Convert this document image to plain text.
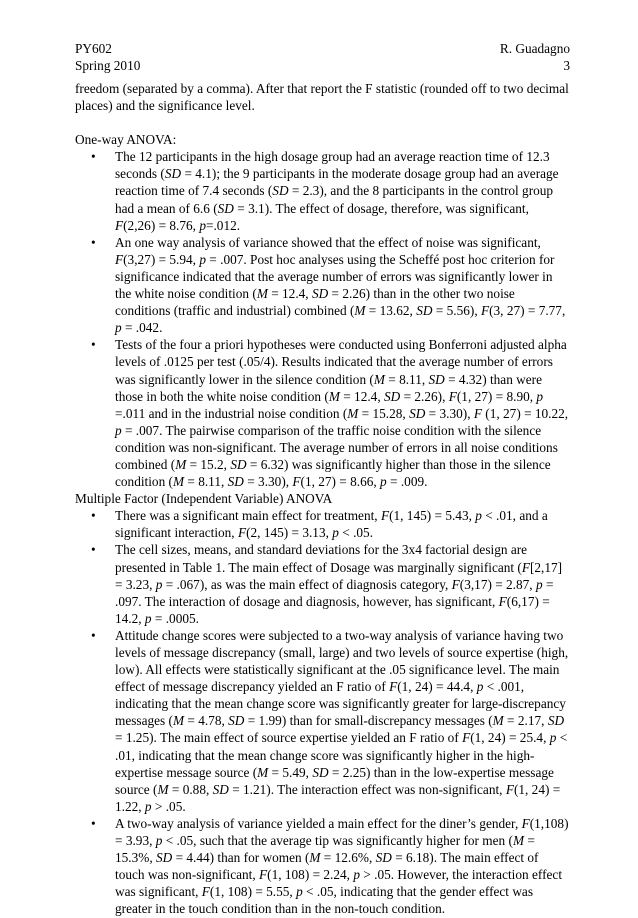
PY602
Spring 2010
R. Guadagno
3

freedom (separated by a comma). After that report the F statistic (rounded off to two decimal
places) and the significance level.

One-way ANOVA:

• The 12 participants in the high dosage group had an average reaction time of 12.3 seconds (SD = 4.1); the 9 participants in the moderate dosage group had an average reaction time of 7.4 seconds (SD = 2.3), and the 8 participants in the control group had a mean of 6.6 (SD = 3.1). The effect of dosage, therefore, was significant, F(2,26) = 8.76, p=.012.
• An one way analysis of variance showed that the effect of noise was significant, F(3,27) = 5.94, p = .007. Post hoc analyses using the Scheffé post hoc criterion for significance indicated that the average number of errors was significantly lower in the white noise condition (M = 12.4, SD = 2.26) than in the other two noise conditions (traffic and industrial) combined (M = 13.62, SD = 5.56), F(3, 27) = 7.77, p = .042.
• Tests of the four a priori hypotheses were conducted using Bonferroni adjusted alpha levels of .0125 per test (.05/4). Results indicated that the average number of errors was significantly lower in the silence condition (M = 8.11, SD = 4.32) than were those in both the white noise condition (M = 12.4, SD = 2.26), F(1, 27) = 8.90, p =.011 and in the industrial noise condition (M = 15.28, SD = 3.30), F (1, 27) = 10.22, p = .007. The pairwise comparison of the traffic noise condition with the silence condition was non-significant. The average number of errors in all noise conditions combined (M = 15.2, SD = 6.32) was significantly higher than those in the silence condition (M = 8.11, SD = 3.30), F(1, 27) = 8.66, p = .009.

Multiple Factor (Independent Variable) ANOVA

• There was a significant main effect for treatment, F(1, 145) = 5.43, p < .01, and a significant interaction, F(2, 145) = 3.13, p < .05.
• The cell sizes, means, and standard deviations for the 3x4 factorial design are presented in Table 1. The main effect of Dosage was marginally significant (F[2,17] = 3.23, p = .067), as was the main effect of diagnosis category, F(3,17) = 2.87, p = .097. The interaction of dosage and diagnosis, however, has significant, F(6,17) = 14.2, p = .0005.
• Attitude change scores were subjected to a two-way analysis of variance having two levels of message discrepancy (small, large) and two levels of source expertise (high, low). All effects were statistically significant at the .05 significance level. The main effect of message discrepancy yielded an F ratio of F(1, 24) = 44.4, p < .001, indicating that the mean change score was significantly greater for large-discrepancy messages (M = 4.78, SD = 1.99) than for small-discrepancy messages (M = 2.17, SD = 1.25). The main effect of source expertise yielded an F ratio of F(1, 24) = 25.4, p < .01, indicating that the mean change score was significantly higher in the high-expertise message source (M = 5.49, SD = 2.25) than in the low-expertise message source (M = 0.88, SD = 1.21). The interaction effect was non-significant, F(1, 24) = 1.22, p > .05.
• A two-way analysis of variance yielded a main effect for the diner’s gender, F(1,108) = 3.93, p < .05, such that the average tip was significantly higher for men (M = 15.3%, SD = 4.44) than for women (M = 12.6%, SD = 6.18). The main effect of touch was non-significant, F(1, 108) = 2.24, p > .05. However, the interaction effect was significant, F(1, 108) = 5.55, p < .05, indicating that the gender effect was greater in the touch condition than in the non-touch condition.
